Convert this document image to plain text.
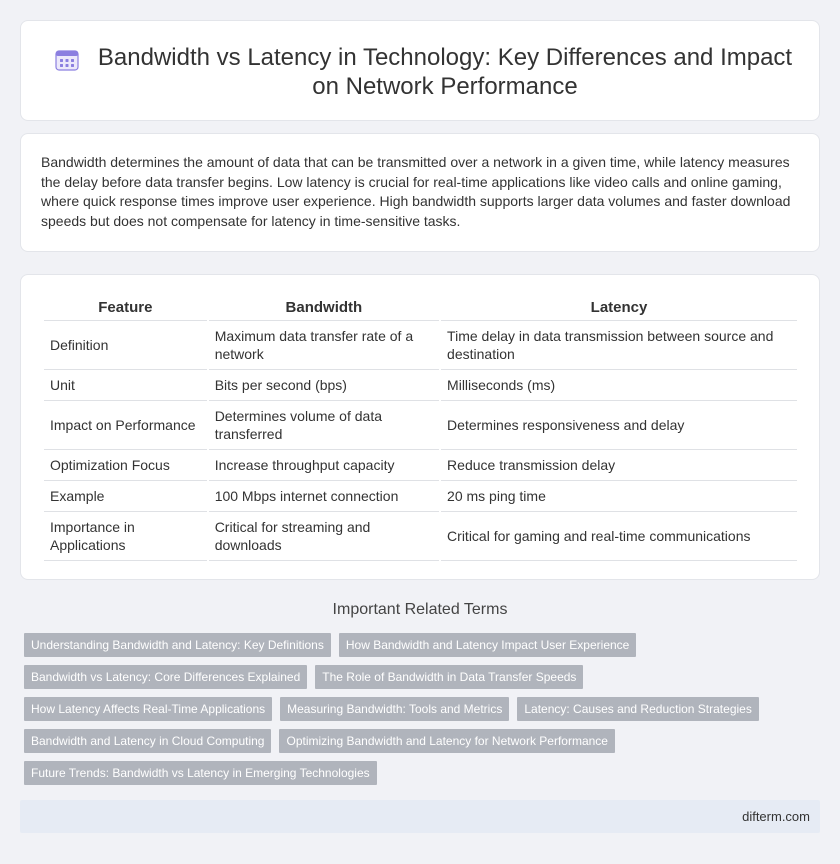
Bandwidth vs Latency in Technology: Key Differences and Impact on Network Performance

Bandwidth determines the amount of data that can be transmitted over a network in a given time, while latency measures the delay before data transfer begins. Low latency is crucial for real-time applications like video calls and online gaming, where quick response times improve user experience. High bandwidth supports larger data volumes and faster download speeds but does not compensate for latency in time-sensitive tasks.

Feature	Bandwidth	Latency
Definition	Maximum data transfer rate of a network	Time delay in data transmission between source and destination
Unit	Bits per second (bps)	Milliseconds (ms)
Impact on Performance	Determines volume of data transferred	Determines responsiveness and delay
Optimization Focus	Increase throughput capacity	Reduce transmission delay
Example	100 Mbps internet connection	20 ms ping time
Importance in Applications	Critical for streaming and downloads	Critical for gaming and real-time communications
Important Related Terms
Understanding Bandwidth and Latency: Key Definitions	How Bandwidth and Latency Impact User Experience
Bandwidth vs Latency: Core Differences Explained	The Role of Bandwidth in Data Transfer Speeds
How Latency Affects Real-Time Applications	Measuring Bandwidth: Tools and Metrics	Latency: Causes and Reduction Strategies
Bandwidth and Latency in Cloud Computing	Optimizing Bandwidth and Latency for Network Performance
Future Trends: Bandwidth vs Latency in Emerging Technologies
difterm.com
